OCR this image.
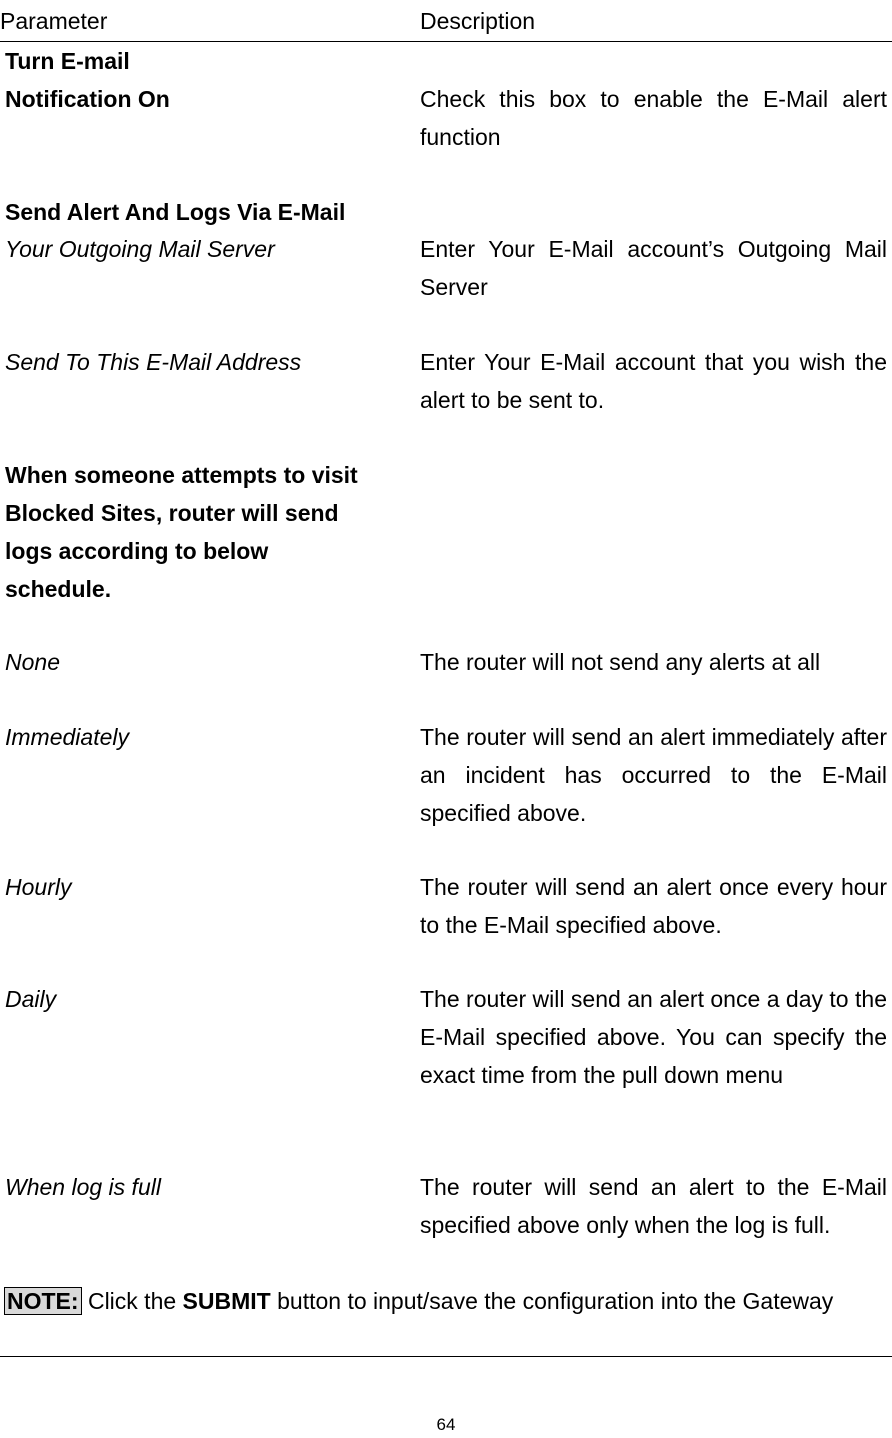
Parameter	Description
Turn E-mail
Notification On	Check this box to enable the E-Mail alert function
Send Alert And Logs Via E-Mail
Your Outgoing Mail Server	Enter Your E-Mail account’s Outgoing Mail Server
Send To This E-Mail Address	Enter Your E-Mail account that you wish the alert to be sent to.
When someone attempts to visit Blocked Sites, router will send logs according to below schedule.
None	The router will not send any alerts at all
Immediately	The router will send an alert immediately after an incident has occurred to the E-Mail specified above.
Hourly	The router will send an alert once every hour to the E-Mail specified above.
Daily	The router will send an alert once a day to the E-Mail specified above. You can specify the exact time from the pull down menu
When log is full	The router will send an alert to the E-Mail specified above only when the log is full.
NOTE: Click the SUBMIT button to input/save the configuration into the Gateway
64
